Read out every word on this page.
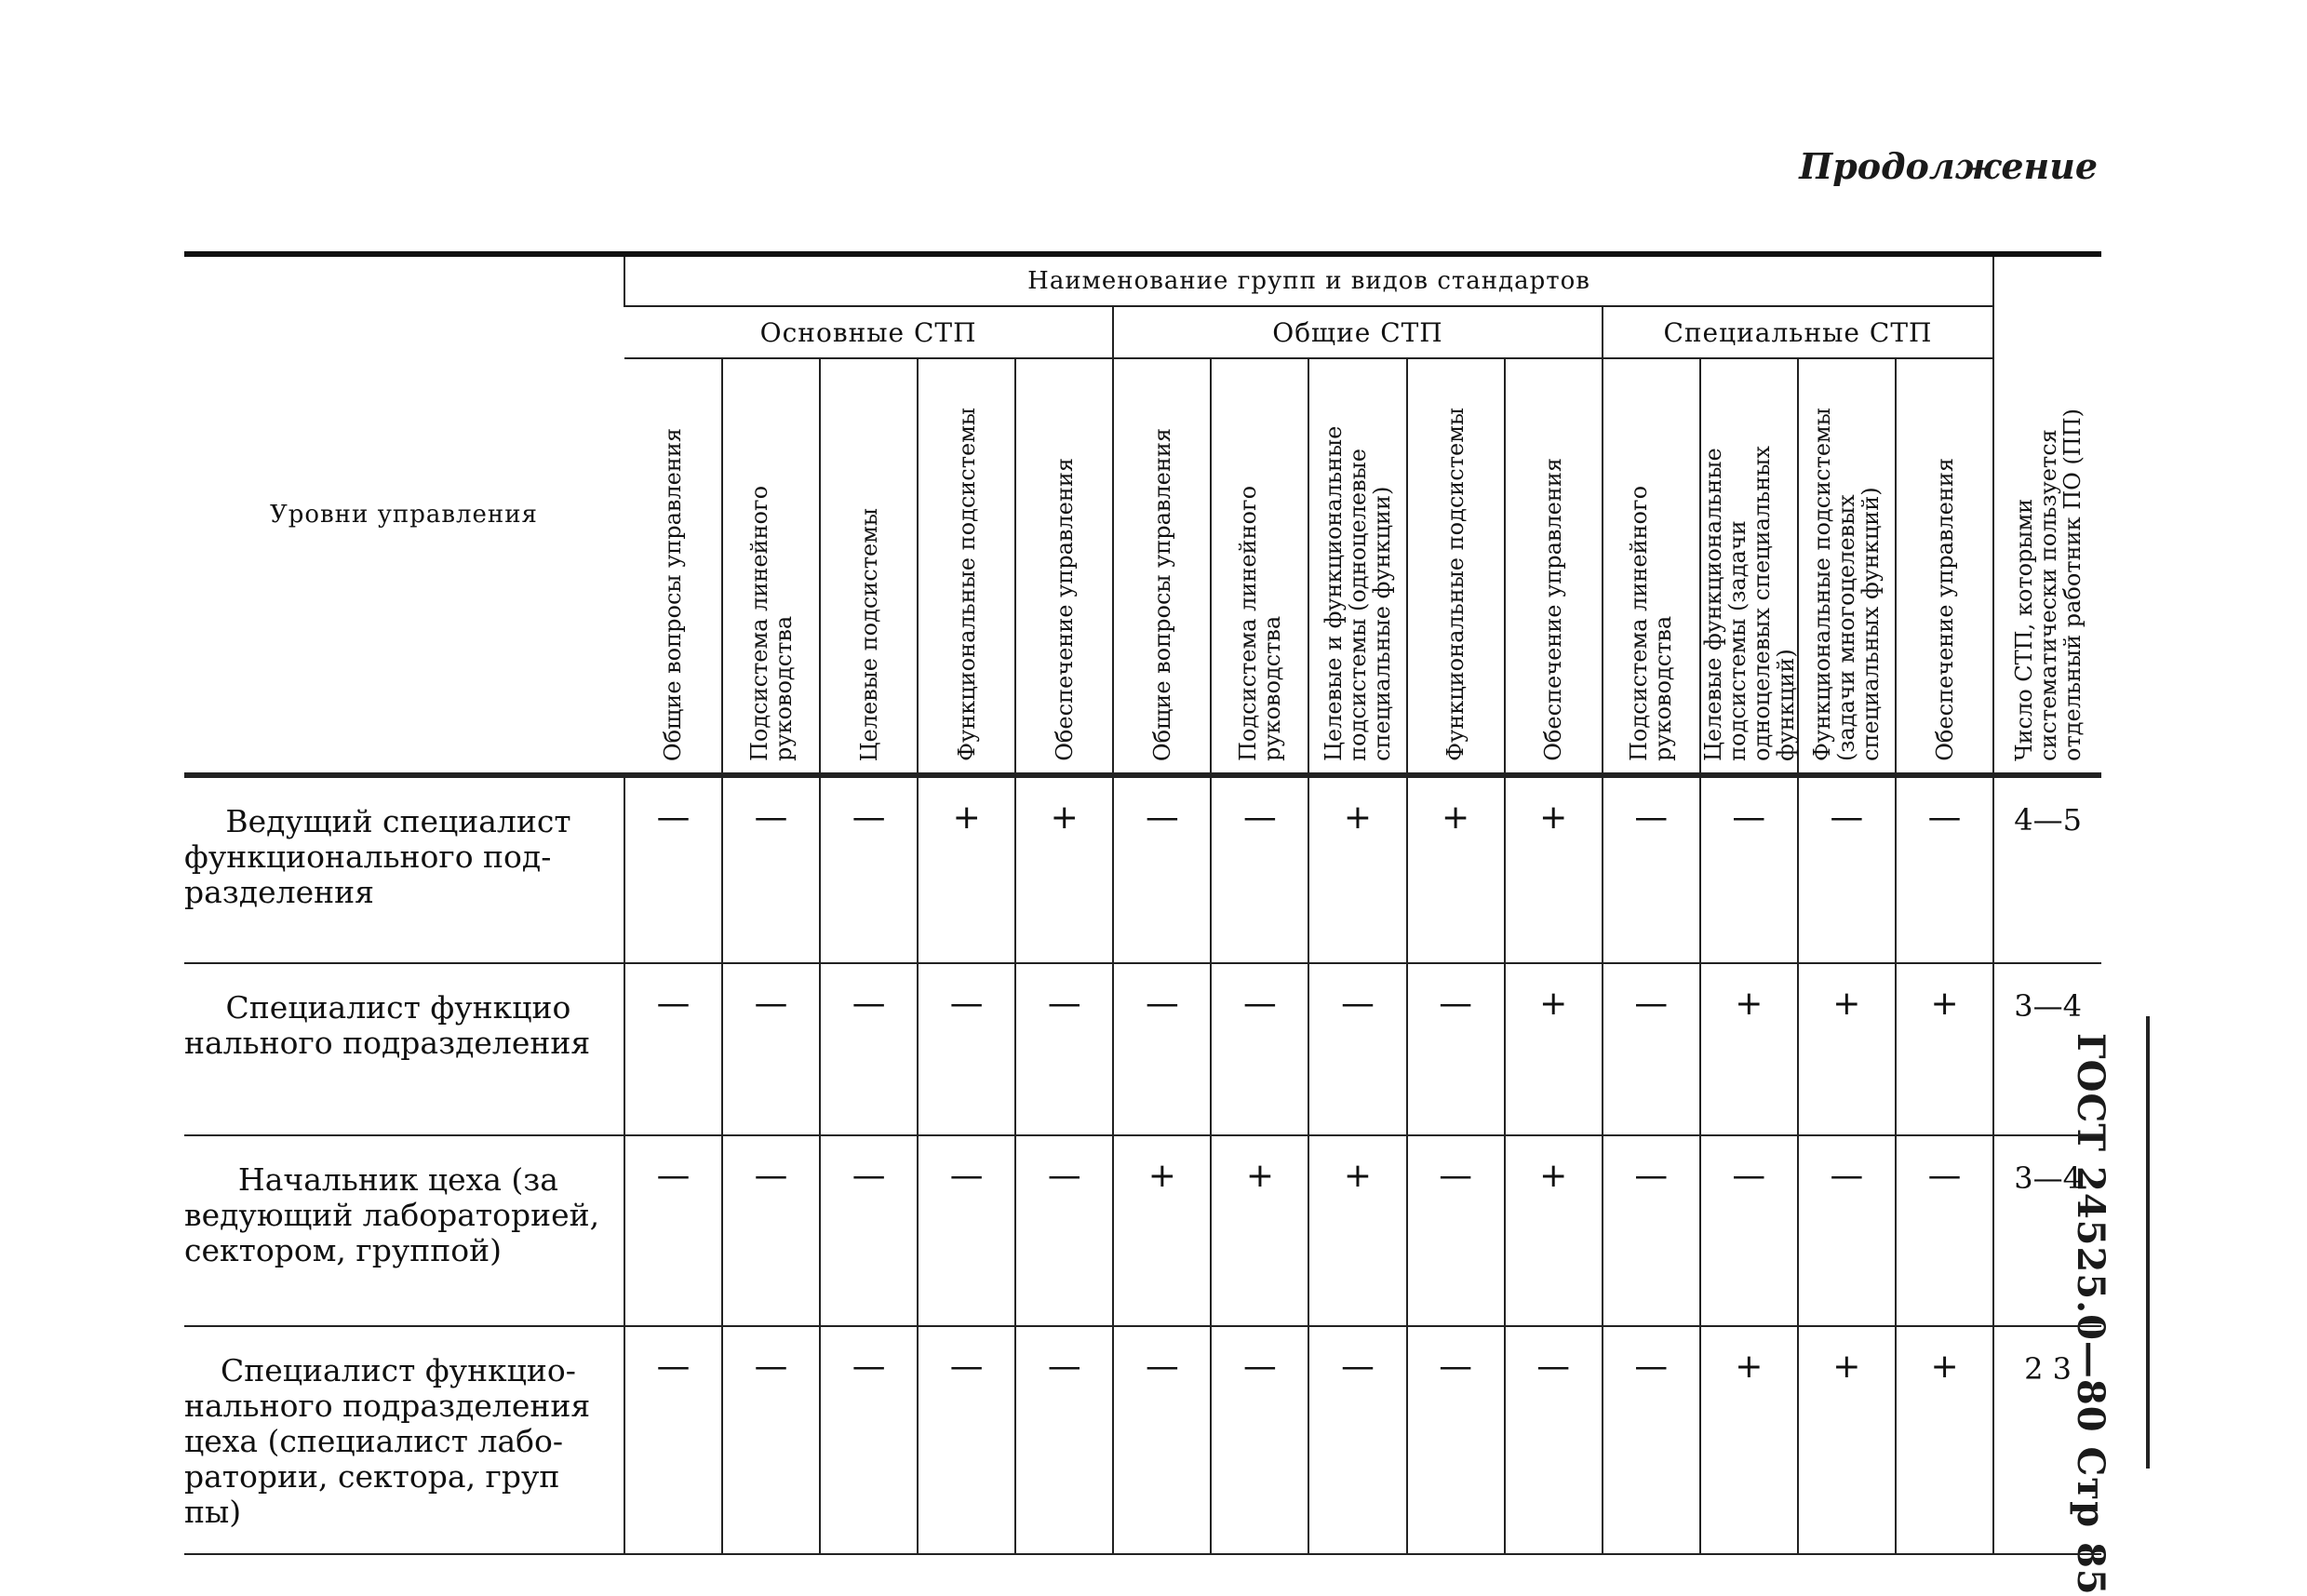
Продолжение
ГОСТ 24525.0—80 Стр 85
Уровни управления	Наименование групп и видов стандартов														Число СТП, которыми систематически пользуется отдельный работник ПО (ПП)
	Основные СТП					Общие СТП					Специальные СТП				
	Общие вопросы управления	Подсистема линейного руководства	Целевые подсистемы	Функциональные подсистемы	Обеспечение управления	Общие вопросы управления	Подсистема линейного руководства	Целевые и функциональные подсистемы (одноцелевые специальные функции)	Функциональные подсистемы	Обеспечение управления	Подсистема линейного руководства	Целевые функциональные подсистемы (задачи одноцелевых специальных функций)	Функциональные подсистемы (задачи многоцелевых специальных функций)	Обеспечение управления	

Ведущий специалист
функционального под-
разделения	—	—	—	+	+	—	—	+	+	+	—	—	—	—	4—5

Специалист функцио
нального подразделения	—	—	—	—	—	—	—	—	—	+	—	+	+	+	3—4

Начальник цеха (за
ведующий лабораторией,
сектором, группой)	—	—	—	—	—	+	+	+	—	+	—	—	—	—	3—4

Специалист функцио-
нального подразделения
цеха (специалист лабо-
ратории, сектора, груп
пы)	—	—	—	—	—	—	—	—	—	—	—	+	+	+	2 3
